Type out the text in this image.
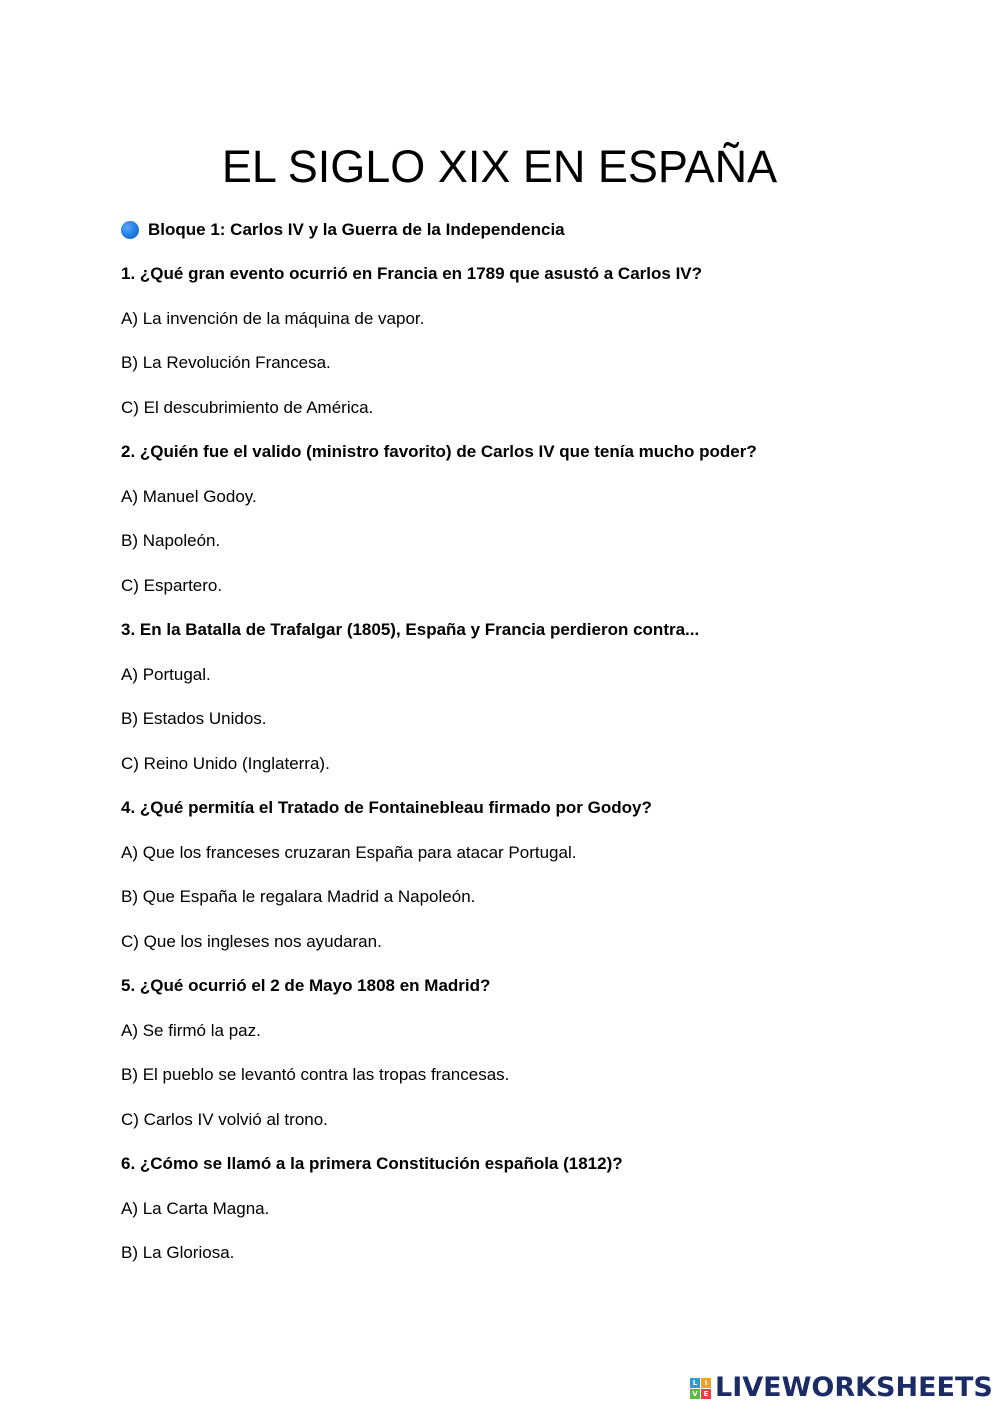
EL SIGLO XIX EN ESPAÑA
Bloque 1: Carlos IV y la Guerra de la Independencia
1. ¿Qué gran evento ocurrió en Francia en 1789 que asustó a Carlos IV?
A) La invención de la máquina de vapor.
B) La Revolución Francesa.
C) El descubrimiento de América.
2. ¿Quién fue el valido (ministro favorito) de Carlos IV que tenía mucho poder?
A) Manuel Godoy.
B) Napoleón.
C) Espartero.
3. En la Batalla de Trafalgar (1805), España y Francia perdieron contra...
A) Portugal.
B) Estados Unidos.
C) Reino Unido (Inglaterra).
4. ¿Qué permitía el Tratado de Fontainebleau firmado por Godoy?
A) Que los franceses cruzaran España para atacar Portugal.
B) Que España le regalara Madrid a Napoleón.
C) Que los ingleses nos ayudaran.
5. ¿Qué ocurrió el 2 de Mayo 1808 en Madrid?
A) Se firmó la paz.
B) El pueblo se levantó contra las tropas francesas.
C) Carlos IV volvió al trono.
6. ¿Cómo se llamó a la primera Constitución española (1812)?
A) La Carta Magna.
B) La Gloriosa.
L	I
V E LIVEWORKSHEETS
